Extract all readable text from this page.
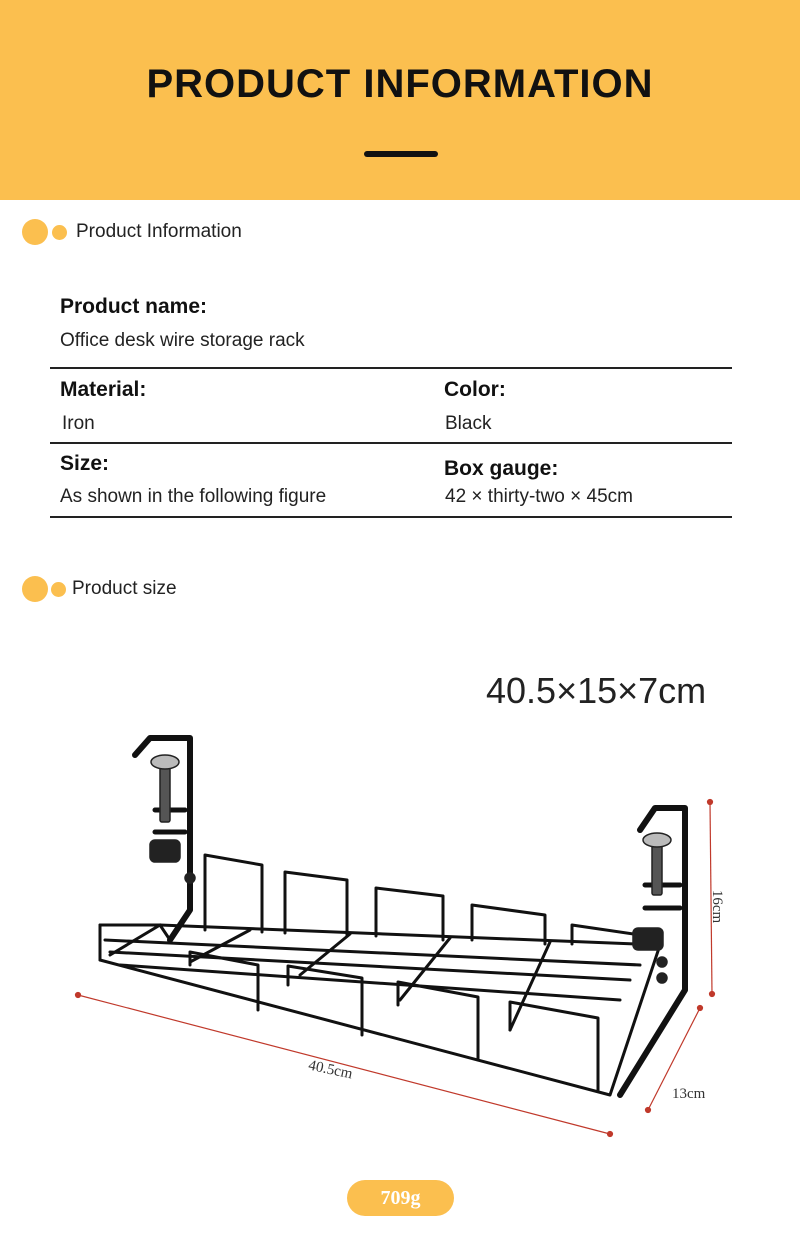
PRODUCT INFORMATION
Product Information
Product name:
Office desk wire storage rack
Material:
Iron
Color:
Black
Size:
As shown in the following figure
Box gauge:
42 × thirty-two × 45cm
Product size
40.5×15×7cm
40.5cm
16cm
13cm
709g
